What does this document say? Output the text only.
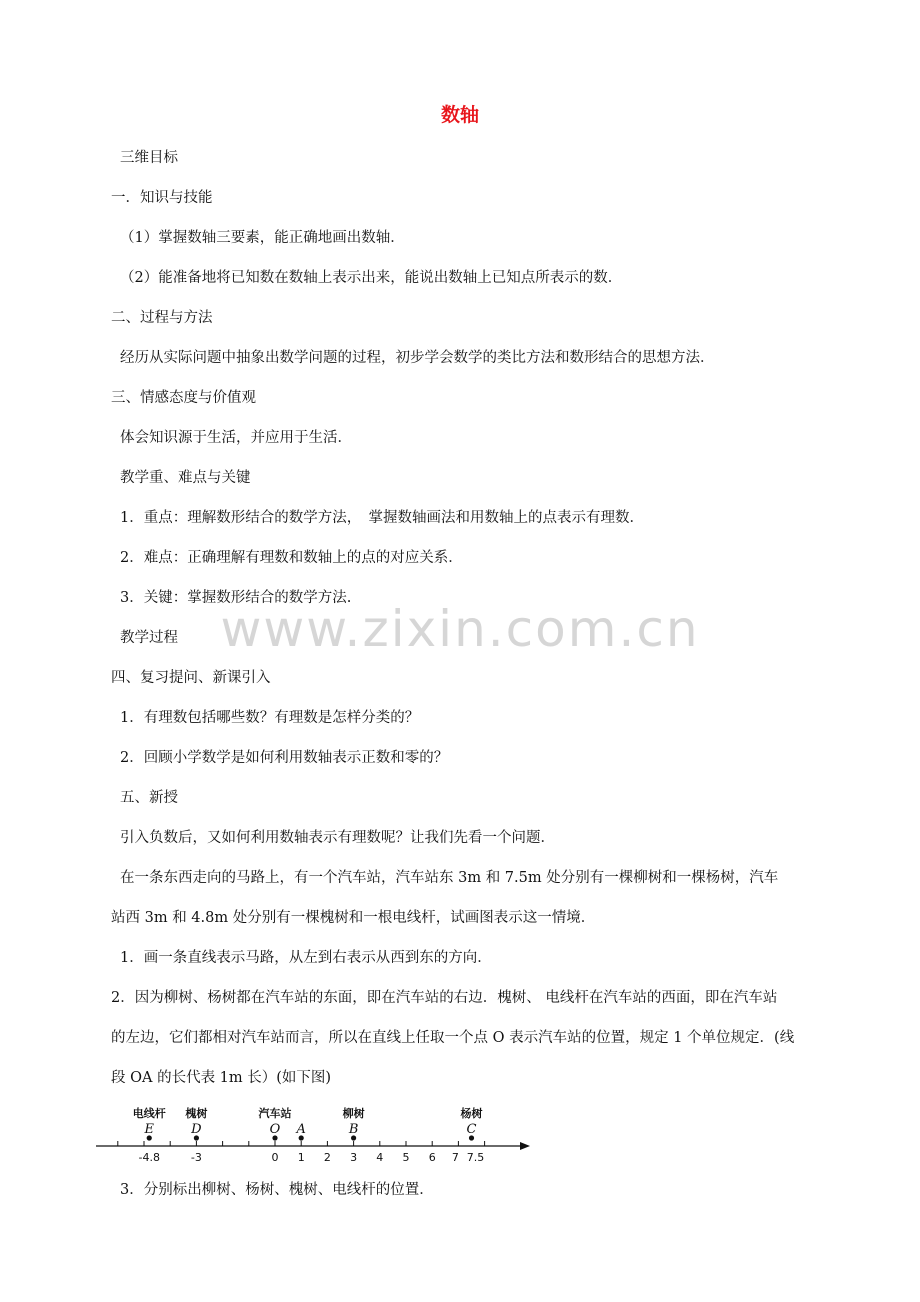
数轴
三维目标
一．知识与技能
（1）掌握数轴三要素，能正确地画出数轴．
（2）能准备地将已知数在数轴上表示出来，能说出数轴上已知点所表示的数．
二、过程与方法
经历从实际问题中抽象出数学问题的过程，初步学会数学的类比方法和数形结合的思想方法．
三、情感态度与价值观
体会知识源于生活，并应用于生活．
教学重、难点与关键
1．重点：理解数形结合的数学方法，　掌握数轴画法和用数轴上的点表示有理数．
2．难点：正确理解有理数和数轴上的点的对应关系．
3．关键：掌握数形结合的数学方法.
教学过程
四、复习提问、新课引入
1．有理数包括哪些数？有理数是怎样分类的？
2．回顾小学数学是如何利用数轴表示正数和零的？
五、新授
引入负数后，又如何利用数轴表示有理数呢？让我们先看一个问题．
在一条东西走向的马路上，有一个汽车站，汽车站东 3m 和 7.5m 处分别有一棵柳树和一棵杨树，汽车
站西 3m 和 4.8m 处分别有一棵槐树和一根电线杆，试画图表示这一情境．
1．画一条直线表示马路，从左到右表示从西到东的方向．
2．因为柳树、杨树都在汽车站的东面，即在汽车站的右边．槐树、 电线杆在汽车站的西面，即在汽车站
的左边，它们都相对汽车站而言，所以在直线上任取一个点 O 表示汽车站的位置，规定 1 个单位规定．(线
段 OA 的长代表 1m 长）(如下图)
3．分别标出柳树、杨树、槐树、电线杆的位置．
www.zixin.com.cn
-4.8	-3	0 1 2 3 4 5 6 7 7.5
E
电线杆
D
槐树
O
汽车站
A	B
柳树
C
杨树
